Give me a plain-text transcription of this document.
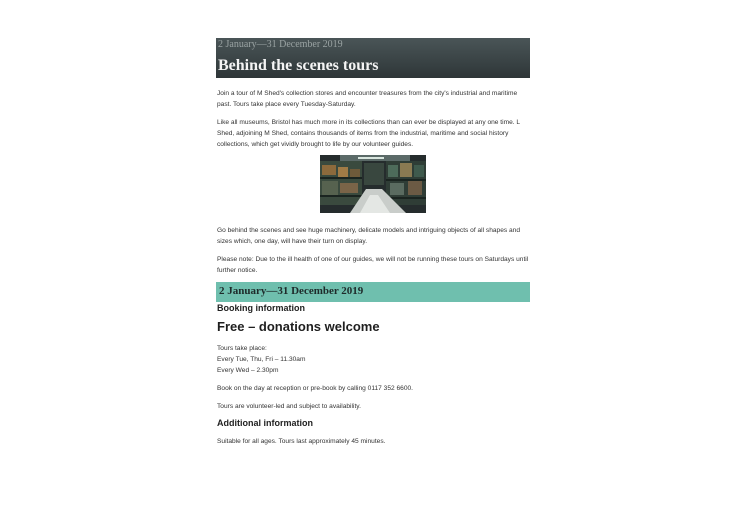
2 January—31 December 2019
Behind the scenes tours
Join a tour of M Shed's collection stores and encounter treasures from the city's industrial and maritime past. Tours take place every Tuesday-Saturday.
Like all museums, Bristol has much more in its collections than can ever be displayed at any one time. L Shed, adjoining M Shed, contains thousands of items from the industrial, maritime and social history collections, which get vividly brought to life by our volunteer guides.
Go behind the scenes and see huge machinery, delicate models and intriguing objects of all shapes and sizes which, one day, will have their turn on display.
Please note: Due to the ill health of one of our guides, we will not be running these tours on Saturdays until further notice.
2 January—31 December 2019
Booking information
Free – donations welcome
Tours take place:
Every Tue, Thu, Fri – 11.30am
Every Wed – 2.30pm
Book on the day at reception or pre-book by calling 0117 352 6600.
Tours are volunteer-led and subject to availability.
Additional information
Suitable for all ages. Tours last approximately 45 minutes.
